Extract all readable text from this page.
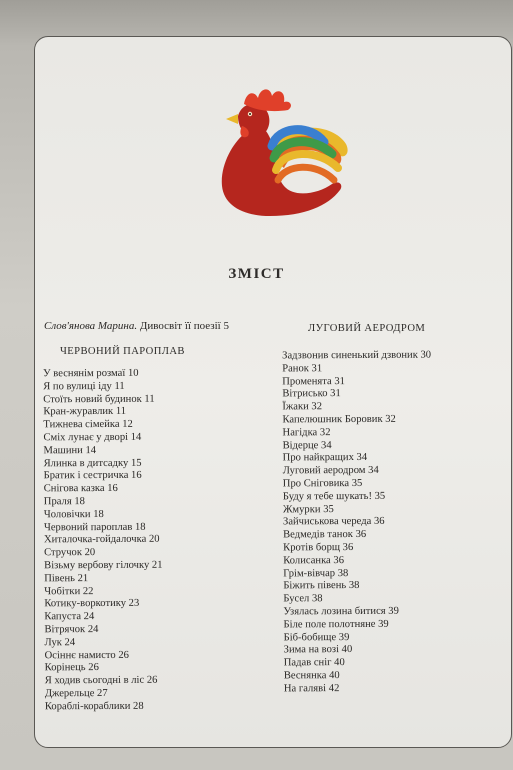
ЗМІСТ
Слов'янова Марина. Дивосвіт її поезії 5
ЧЕРВОНИЙ ПАРОПЛАВ
ЛУГОВИЙ АЕРОДРОМ
У веснянім розмаї 10
Я по вулиці іду 11
Стоїть новий будинок 11
Кран-журавлик 11
Тижнева сімейка 12
Сміх лунає у дворі 14
Машини 14
Ялинка в дитсадку 15
Братик і сестричка 16
Снігова казка 16
Праля 18
Чоловічки 18
Червоний пароплав 18
Хиталочка-гойдалочка 20
Стручок 20
Візьму вербову гілочку 21
Півень 21
Чобітки 22
Котику-воркотику 23
Капуста 24
Вітрячок 24
Лук 24
Осіннє намисто 26
Корінець 26
Я ходив сьогодні в ліс 26
Джерельце 27
Кораблі-кораблики 28
Задзвонив синенький дзвоник 30
Ранок 31
Променята 31
Вітрисько 31
Їжаки 32
Капелюшник Боровик 32
Нагідка 32
Відерце 34
Про найкращих 34
Луговий аеродром 34
Про Сніговика 35
Буду я тебе шукать! 35
Жмурки 35
Зайчиськова череда 36
Ведмедів танок 36
Кротів борщ 36
Колисанка 36
Грім-вівчар 38
Біжить півень 38
Бусел 38
Узялась лозина битися 39
Біле поле полотняне 39
Біб-бобище 39
Зима на возі 40
Падав сніг 40
Веснянка 40
На галяві 42
